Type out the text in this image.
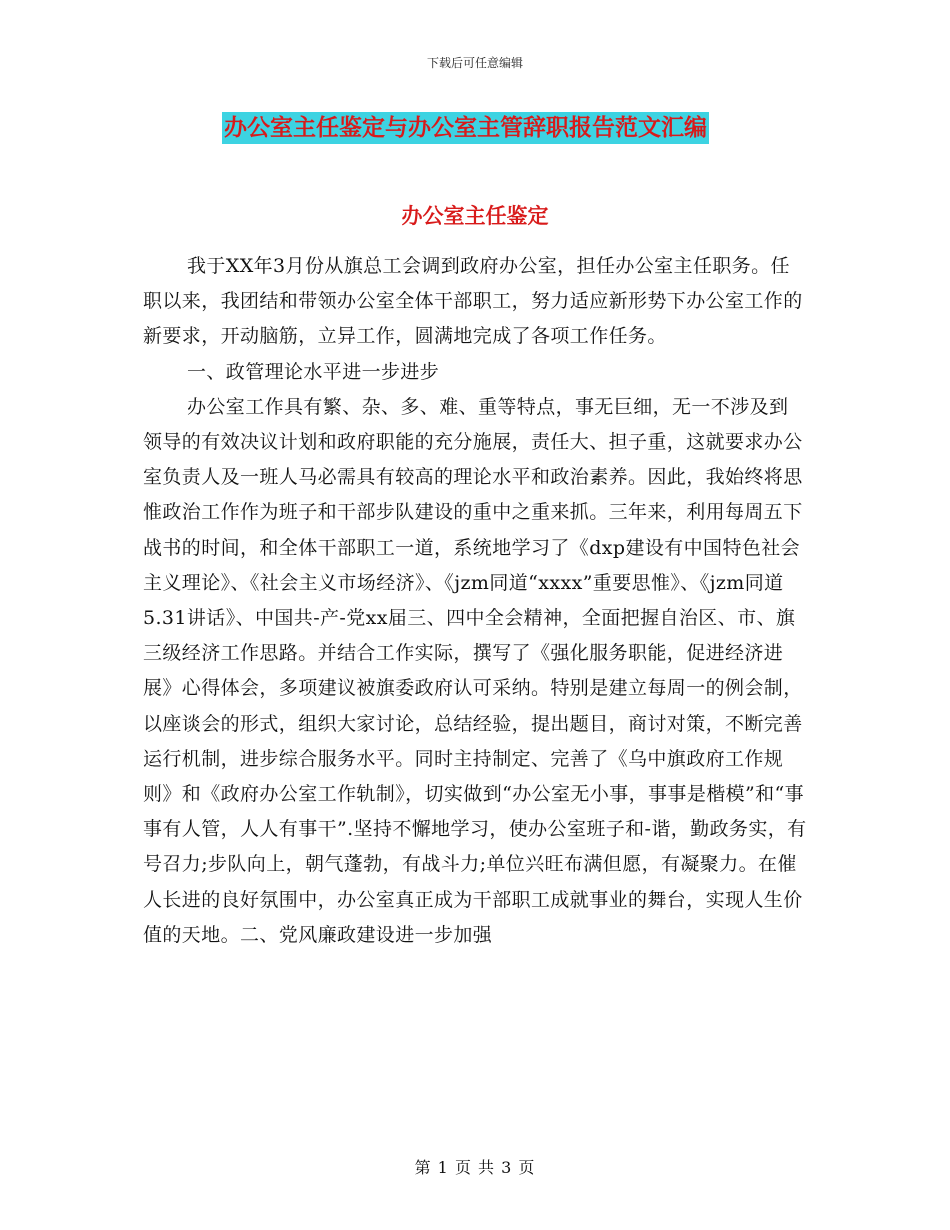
下载后可任意编辑
办公室主任鉴定与办公室主管辞职报告范文汇编
办公室主任鉴定

我于XX年3月份从旗总工会调到政府办公室，担任办公室主任职务。任职以来，我团结和带领办公室全体干部职工，努力适应新形势下办公室工作的新要求，开动脑筋，立异工作，圆满地完成了各项工作任务。

一、政管理论水平进一步进步

办公室工作具有繁、杂、多、难、重等特点，事无巨细，无一不涉及到领导的有效决议计划和政府职能的充分施展，责任大、担子重，这就要求办公室负责人及一班人马必需具有较高的理论水平和政治素养。因此，我始终将思惟政治工作作为班子和干部步队建设的重中之重来抓。三年来，利用每周五下战书的时间，和全体干部职工一道，系统地学习了《dxp建设有中国特色社会主义理论》、《社会主义市场经济》、《jzm同道“xxxx”重要思惟》、《jzm同道5.31讲话》、中国共-产-党xx届三、四中全会精神，全面把握自治区、市、旗三级经济工作思路。并结合工作实际，撰写了《强化服务职能，促进经济进展》心得体会，多项建议被旗委政府认可采纳。特别是建立每周一的例会制，以座谈会的形式，组织大家讨论，总结经验，提出题目，商讨对策，不断完善运行机制，进步综合服务水平。同时主持制定、完善了《乌中旗政府工作规则》和《政府办公室工作轨制》，切实做到“办公室无小事，事事是楷模”和“事事有人管，人人有事干”.坚持不懈地学习，使办公室班子和-谐，勤政务实，有号召力;步队向上，朝气蓬勃，有战斗力;单位兴旺布满但愿，有凝聚力。在催人长进的良好氛围中，办公室真正成为干部职工成就事业的舞台，实现人生价值的天地。二、党风廉政建设进一步加强

第 1 页 共 3 页
